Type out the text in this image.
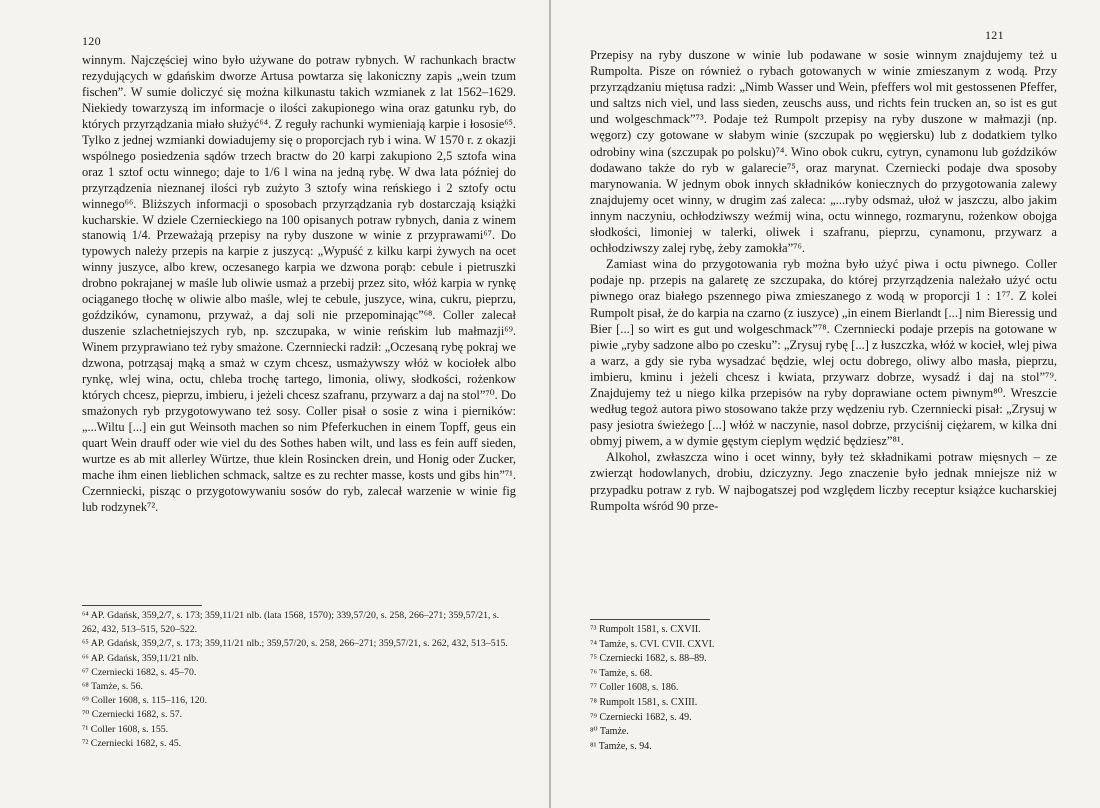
120

winnym. Najczęściej wino było używane do potraw rybnych. W rachunkach bractw rezydujących w gdańskim dworze Artusa powtarza się lakoniczny zapis „wein tzum fischen”. W sumie doliczyć się można kilkunastu takich wzmianek z lat 1562–1629. Niekiedy towarzyszą im informacje o ilości zakupionego wina oraz gatunku ryb, do których przyrządzania miało służyć⁶⁴. Z reguły rachunki wymieniają karpie i łososie⁶⁵. Tylko z jednej wzmianki dowiadujemy się o proporcjach ryb i wina. W 1570 r. z okazji wspólnego posiedzenia sądów trzech bractw do 20 karpi zakupiono 2,5 sztofa wina oraz 1 sztof octu winnego; daje to 1/6 l wina na jedną rybę. W dwa lata później do przyrządzenia nieznanej ilości ryb zużyto 3 sztofy wina reńskiego i 2 sztofy octu winnego⁶⁶. Bliższych informacji o sposobach przyrządzania ryb dostarczają książki kucharskie. W dziele Czernieckiego na 100 opisanych potraw rybnych, dania z winem stanowią 1/4. Przeważają przepisy na ryby duszone w winie z przyprawami⁶⁷. Do typowych należy przepis na karpie z juszycą: „Wypuść z kilku karpi żywych na ocet winny juszyce, albo krew, oczesanego karpia we dzwona porąb: cebule i pietruszki drobno pokrajanej w maśle lub oliwie usmaż a przebij przez sito, włóż karpia w rynkę ociąganego tłochę w oliwie albo maśle, wlej te cebule, juszyce, wina, cukru, pieprzu, goździków, cynamonu, przyważ, a daj soli nie przepominając”⁶⁸. Coller zalecał duszenie szlachetniejszych ryb, np. szczupaka, w winie reńskim lub małmazji⁶⁹. Winem przyprawiano też ryby smażone. Czernniecki radził: „Oczesaną rybę pokraj we dzwona, potrząsaj mąką a smaż w czym chcesz, usmażywszy włóż w kociołek albo rynkę, wlej wina, octu, chleba trochę tartego, limonia, oliwy, słodkości, rożenkow których chcesz, pieprzu, imbieru, i jeżeli chcesz szafranu, przywarz a daj na stol”⁷⁰. Do smażonych ryb przygotowywano też sosy. Coller pisał o sosie z wina i pierników: „...Wiltu [...] ein gut Weinsoth machen so nim Pfeferkuchen in einem Topff, geus ein quart Wein drauff oder wie viel du des Sothes haben wilt, und lass es fein auff sieden, wurtze es ab mit allerley Würtze, thue klein Rosincken drein, und Honig oder Zucker, mache ihm einen lieblichen schmack, saltze es zu rechter masse, kosts und gibs hin”⁷¹. Czernniecki, pisząc o przygotowywaniu sosów do ryb, zalecał warzenie w winie fig lub rodzynek⁷².

⁶⁴ AP. Gdańsk, 359,2/7, s. 173; 359,11/21 nlb. (lata 1568, 1570); 339,57/20, s. 258, 266–271; 359,57/21, s. 262, 432, 513–515, 520–522.

⁶⁵ AP. Gdańsk, 359,2/7, s. 173; 359,11/21 nlb.; 359,57/20, s. 258, 266–271; 359,57/21, s. 262, 432, 513–515.

⁶⁶ AP. Gdańsk, 359,11/21 nlb.

⁶⁷ Czerniecki 1682, s. 45–70.

⁶⁸ Tamże, s. 56.

⁶⁹ Coller 1608, s. 115–116, 120.

⁷⁰ Czerniecki 1682, s. 57.

⁷¹ Coller 1608, s. 155.

⁷² Czerniecki 1682, s. 45.

121

Przepisy na ryby duszone w winie lub podawane w sosie winnym znajdujemy też u Rumpolta. Pisze on również o rybach gotowanych w winie zmieszanym z wodą. Przy przyrządzaniu miętusa radzi: „Nimb Wasser und Wein, pfeffers wol mit gestossenen Pfeffer, und saltzs nich viel, und lass sieden, zeuschs auss, und richts fein trucken an, so ist es gut und wolgeschmack”⁷³. Podaje też Rumpolt przepisy na ryby duszone w małmazji (np. węgorz) czy gotowane w słabym winie (szczupak po węgiersku) lub z dodatkiem tylko odrobiny wina (szczupak po polsku)⁷⁴. Wino obok cukru, cytryn, cynamonu lub goździków dodawano także do ryb w galarecie⁷⁵, oraz marynat. Czerniecki podaje dwa sposoby marynowania. W jednym obok innych składników koniecznych do przygotowania zalewy znajdujemy ocet winny, w drugim zaś zaleca: „...ryby odsmaż, ułoż w jaszczu, albo jakim innym naczyniu, ochłodziwszy weźmij wina, octu winnego, rozmarynu, rożenkow obojga słodkości, limoniej w talerki, oliwek i szafranu, pieprzu, cynamonu, przywarz a ochłodziwszy zalej rybę, żeby zamokła”⁷⁶.

Zamiast wina do przygotowania ryb można było użyć piwa i octu piwnego. Coller podaje np. przepis na galaretę ze szczupaka, do której przyrządzenia należało użyć octu piwnego oraz białego pszennego piwa zmieszanego z wodą w proporcji 1 : 1⁷⁷. Z kolei Rumpolt pisał, że do karpia na czarno (z iuszyce) „in einem Bierlandt [...] nim Bieressig und Bier [...] so wirt es gut und wolgeschmack”⁷⁸. Czernniecki podaje przepis na gotowane w piwie „ryby sadzone albo po czesku”: „Zrysuj rybę [...] z łuszczka, włóż w kocieł, wlej piwa a warz, a gdy sie ryba wysadzać będzie, wlej octu dobrego, oliwy albo masła, pieprzu, imbieru, kminu i jeżeli chcesz i kwiata, przywarz dobrze, wysadź i daj na stol”⁷⁹. Znajdujemy też u niego kilka przepisów na ryby doprawiane octem piwnym⁸⁰. Wreszcie według tegoż autora piwo stosowano także przy wędzeniu ryb. Czernniecki pisał: „Zrysuj w pasy jesiotra świeżego [...] włóż w naczynie, nasol dobrze, przyciśnij ciężarem, w kilka dni obmyj piwem, a w dymie gęstym cieplym wędzić będziesz”⁸¹.

Alkohol, zwłaszcza wino i ocet winny, były też składnikami potraw mięsnych – ze zwierząt hodowlanych, drobiu, dziczyzny. Jego znaczenie było jednak mniejsze niż w przypadku potraw z ryb. W najbogatszej pod względem liczby receptur książce kucharskiej Rumpolta wśród 90 prze-

⁷³ Rumpolt 1581, s. CXVII.

⁷⁴ Tamże, s. CVI. CVII. CXVI.

⁷⁵ Czerniecki 1682, s. 88–89.

⁷⁶ Tamże, s. 68.

⁷⁷ Coller 1608, s. 186.

⁷⁸ Rumpolt 1581, s. CXIII.

⁷⁹ Czerniecki 1682, s. 49.

⁸⁰ Tamże.

⁸¹ Tamże, s. 94.
